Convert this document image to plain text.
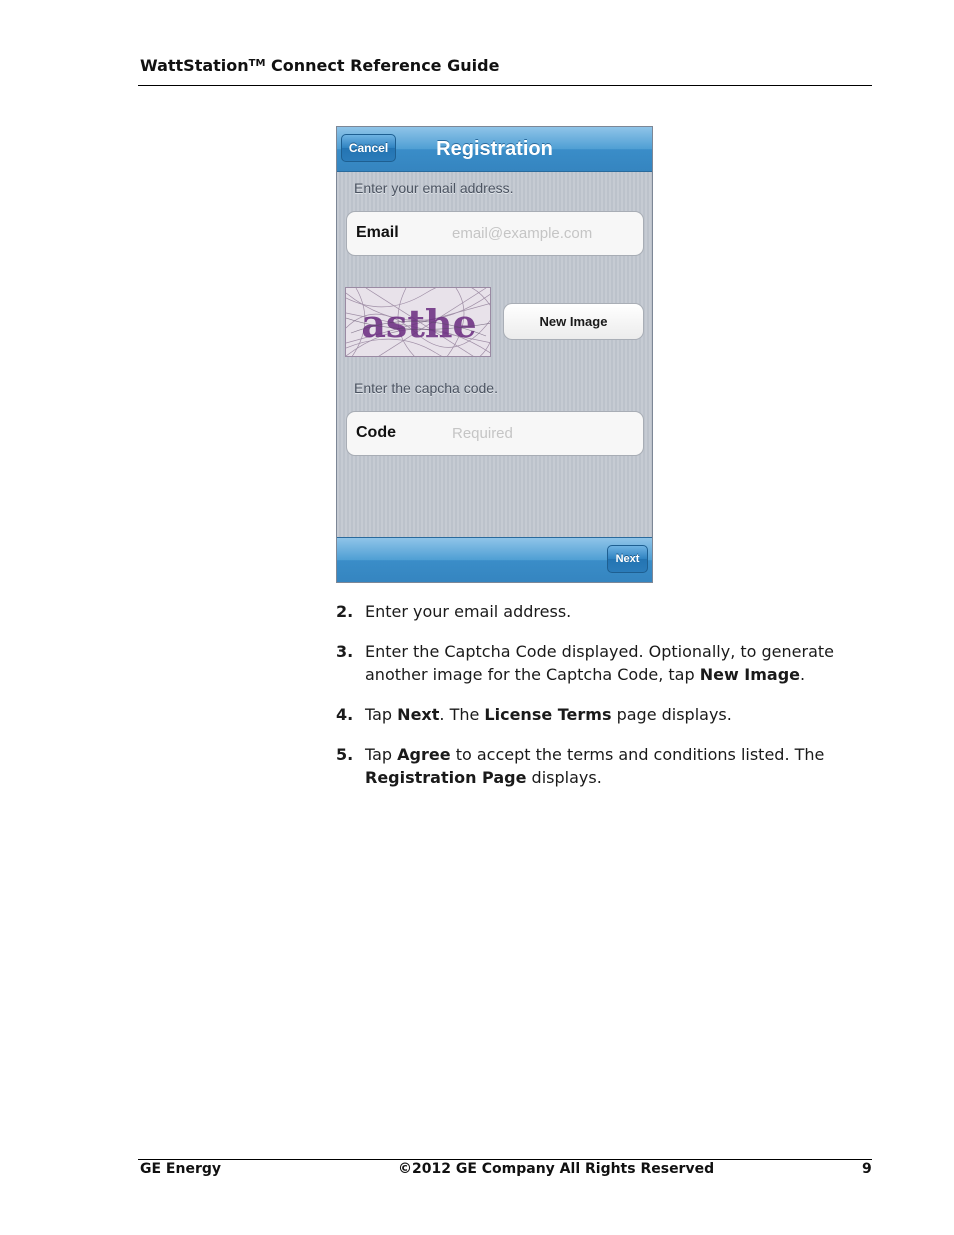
WattStation™ Connect Reference Guide
Registration
Cancel
Enter your email address.
Email	email@example.com
asthe	New Image
Enter the capcha code.
Code	Required
Next
2. Enter your email address.
3. Enter the Captcha Code displayed. Optionally, to generate another image for the Captcha Code, tap New Image.
4. Tap Next. The License Terms page displays.
5. Tap Agree to accept the terms and conditions listed. The Registration Page displays.
GE Energy	©2012 GE Company All Rights Reserved	9
